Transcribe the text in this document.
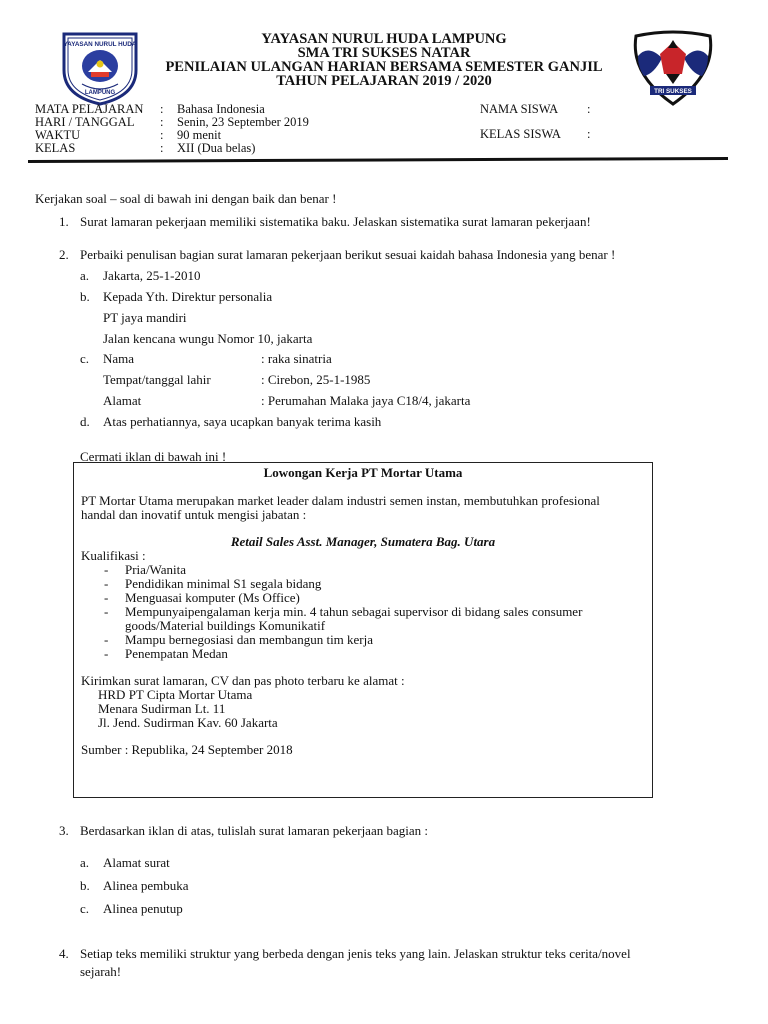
YAYASAN NURUL HUDA
LAMPUNG	TRI SUKSES
YAYASAN NURUL HUDA LAMPUNG
SMA TRI SUKSES NATAR
PENILAIAN ULANGAN HARIAN BERSAMA SEMESTER GANJIL
TAHUN PELAJARAN 2019 / 2020
MATA PELAJARAN : Bahasa Indonesia
HARI / TANGGAL : Senin, 23 September 2019
WAKTU	: 90 menit
KELAS	: XII (Dua belas)
NAMA SISWA :
KELAS SISWA :
Kerjakan soal – soal di bawah ini dengan baik dan benar !
1. Surat lamaran pekerjaan memiliki sistematika baku. Jelaskan sistematika surat lamaran pekerjaan!
2. Perbaiki penulisan bagian surat lamaran pekerjaan berikut sesuai kaidah bahasa Indonesia yang benar !
a. Jakarta, 25-1-2010
b. Kepada Yth. Direktur personalia
PT jaya mandiri
Jalan kencana wungu Nomor 10, jakarta
c. Nama	: raka sinatria
Tempat/tanggal lahir	: Cirebon, 25-1-1985
Alamat	: Perumahan Malaka jaya C18/4, jakarta
d. Atas perhatiannya, saya ucapkan banyak terima kasih
Cermati iklan di bawah ini !
Lowongan Kerja PT Mortar Utama
PT Mortar Utama merupakan market leader dalam industri semen instan, membutuhkan profesional
handal dan inovatif untuk mengisi jabatan :
Retail Sales Asst. Manager, Sumatera Bag. Utara
Kualifikasi :
- Pria/Wanita
- Pendidikan minimal S1 segala bidang
- Menguasai komputer (Ms Office)
- Mempunyaipengalaman kerja min. 4 tahun sebagai supervisor di bidang sales consumer
goods/Material buildings Komunikatif
- Mampu bernegosiasi dan membangun tim kerja
- Penempatan Medan
Kirimkan surat lamaran, CV dan pas photo terbaru ke alamat :
HRD PT Cipta Mortar Utama
Menara Sudirman Lt. 11
Jl. Jend. Sudirman Kav. 60 Jakarta
Sumber : Republika, 24 September 2018
3. Berdasarkan iklan di atas, tulislah surat lamaran pekerjaan bagian :
a. Alamat surat
b. Alinea pembuka
c. Alinea penutup
4. Setiap teks memiliki struktur yang berbeda dengan jenis teks yang lain. Jelaskan struktur teks cerita/novel
sejarah!
